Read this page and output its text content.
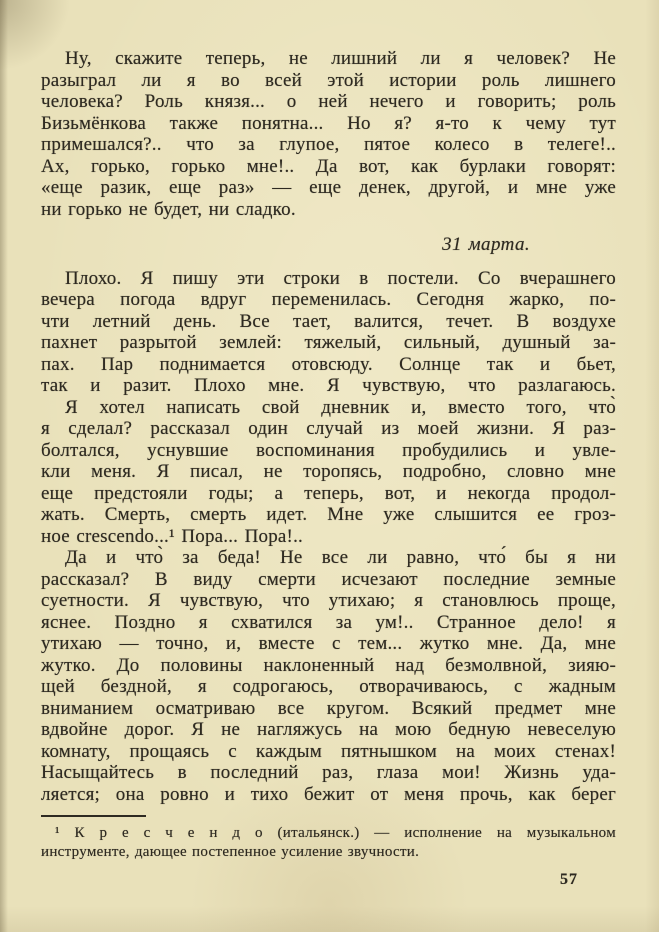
Ну, скажите теперь, не лишний ли я человек? Не
разыграл ли я во всей этой истории роль лишнего
человека? Роль князя... о ней нечего и говорить; роль
Бизьмёнкова также понятна... Но я? я-то к чему тут
примешался?.. что за глупое, пятое колесо в телеге!..
Ах, горько, горько мне!.. Да вот, как бурлаки говорят:
«еще разик, еще раз» — еще денек, другой, и мне уже
ни горько не будет, ни сладко.
31 марта.
Плохо. Я пишу эти строки в постели. Со вчерашнего
вечера погода вдруг переменилась. Сегодня жарко, по-
чти летний день. Все тает, валится, течет. В воздухе
пахнет разрытой землей: тяжелый, сильный, душный за-
пах. Пар поднимается отовсюду. Солнце так и бьет,
так и разит. Плохо мне. Я чувствую, что разлагаюсь.
Я хотел написать свой дневник и, вместо того, что̀
я сделал? рассказал один случай из моей жизни. Я раз-
болтался, уснувшие воспоминания пробудились и увле-
кли меня. Я писал, не торопясь, подробно, словно мне
еще предстояли годы; а теперь, вот, и некогда продол-
жать. Смерть, смерть идет. Мне уже слышится ее гроз-
ное crescendo...¹ Пора... Пора!..
Да и что̀ за беда! Не все ли равно, что́ бы я ни
рассказал? В виду смерти исчезают последние земные
суетности. Я чувствую, что утихаю; я становлюсь проще,
яснее. Поздно я схватился за ум!.. Странное дело! я
утихаю — точно, и, вместе с тем... жутко мне. Да, мне
жутко. До половины наклоненный над безмолвной, зияю-
щей бездной, я содрогаюсь, отворачиваюсь, с жадным
вниманием осматриваю все кругом. Всякий предмет мне
вдвойне дорог. Я не нагляжусь на мою бедную невеселую
комнату, прощаясь с каждым пятнышком на моих стенах!
Насыщайтесь в последний раз, глаза мои! Жизнь уда-
ляется; она ровно и тихо бежит от меня прочь, как берег
¹ К р е с ч е н д о (итальянск.) — исполнение на музыкальном
инструменте, дающее постепенное усиление звучности.
57
